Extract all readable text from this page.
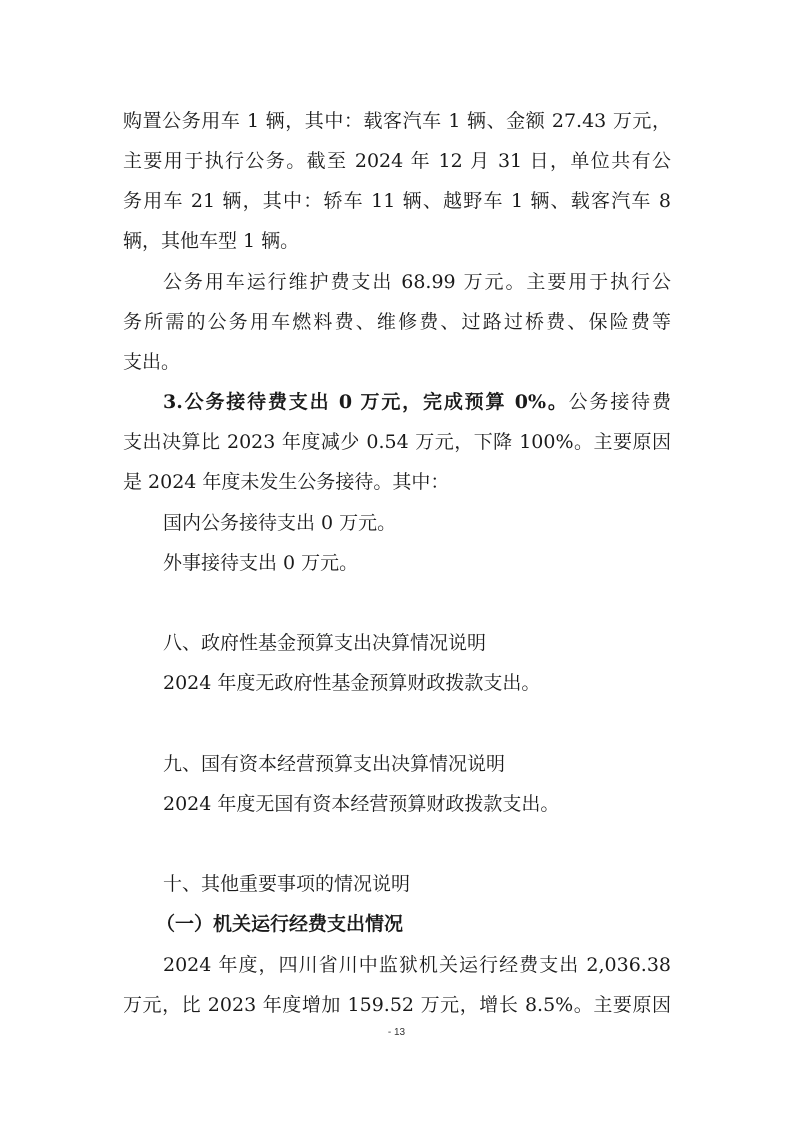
购置公务用车 1 辆，其中：载客汽车 1 辆、金额 27.43 万元，
主要用于执行公务。截至 2024 年 12 月 31 日，单位共有公
务用车 21 辆，其中：轿车 11 辆、越野车 1 辆、载客汽车 8
辆，其他车型 1 辆。
公务用车运行维护费支出 68.99 万元。主要用于执行公
务所需的公务用车燃料费、维修费、过路过桥费、保险费等
支出。
3.公务接待费支出 0 万元，完成预算 0%。公务接待费
支出决算比 2023 年度减少 0.54 万元，下降 100%。主要原因
是 2024 年度未发生公务接待。其中：
国内公务接待支出 0 万元。
外事接待支出 0 万元。
八、政府性基金预算支出决算情况说明
2024 年度无政府性基金预算财政拨款支出。
九、国有资本经营预算支出决算情况说明
2024 年度无国有资本经营预算财政拨款支出。
十、其他重要事项的情况说明
（一）机关运行经费支出情况
2024 年度，四川省川中监狱机关运行经费支出 2,036.38
万元，比 2023 年度增加 159.52 万元，增长 8.5%。主要原因
- 13
